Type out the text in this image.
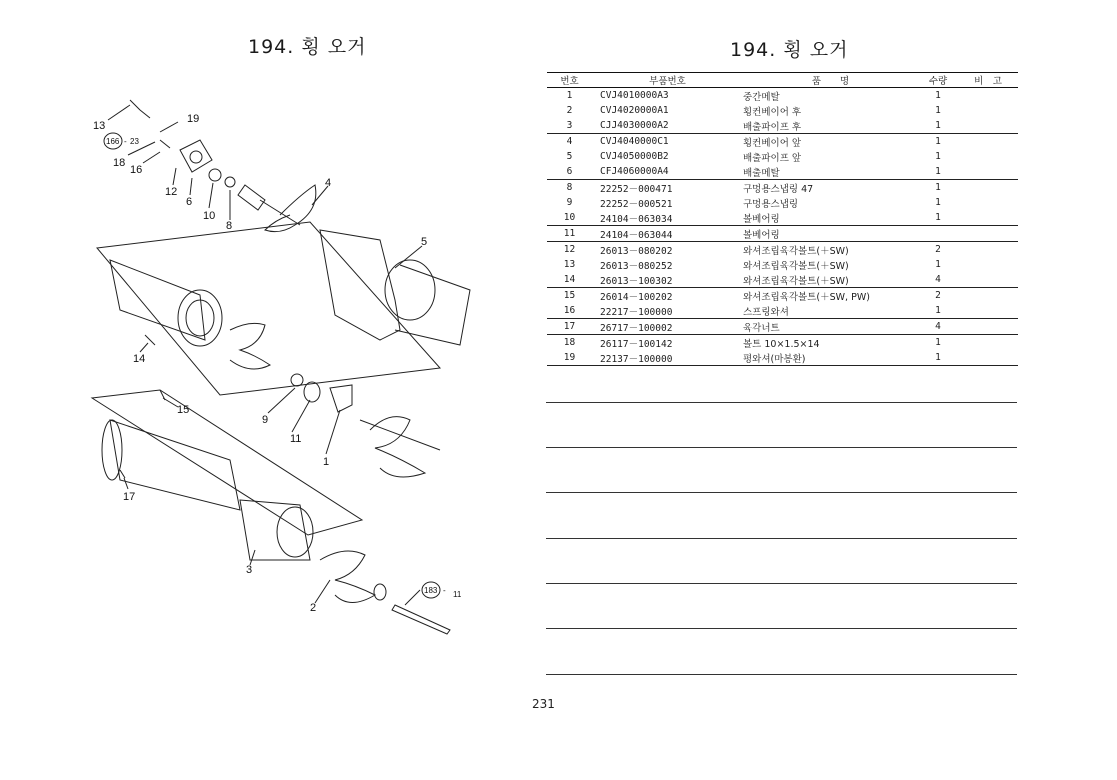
194. 횡 오거
13
19
166 - 23
18
16
12
6
10
8
4
5
14
15
9
11
1
17
3
2
183 - 11
194. 횡 오거
번호	부품번호	품　　명	수량	비　고
1	CVJ4010000A3	중간메탈	1	
2	CVJ4020000A1	횡컨베이어 후	1	
3	CJJ4030000A2	배출파이프 후	1	
4	CVJ4040000C1	횡컨베이어 앞	1	
5	CVJ4050000B2	배출파이프 앞	1	
6	CFJ4060000A4	배출메탈	1	
8	22252－000471	구멍용스냅링 47	1	
9	22252－000521	구멍용스냅링	1	
10	24104－063034	볼베어링	1	
11	24104－063044	볼베어링		
12	26013－080202	와셔조립육각볼트(＋SW)	2	
13	26013－080252	와셔조립육각볼트(＋SW)	1	
14	26013－100302	와셔조립육각볼트(＋SW)	4	
15	26014－100202	와셔조립육각볼트(＋SW, PW)	2	
16	22217－100000	스프링와셔	1	
17	26717－100002	육각너트	4	
18	26117－100142	볼트 10×1.5×14	1	
19	22137－100000	평와셔(마봉환)	1	
231
